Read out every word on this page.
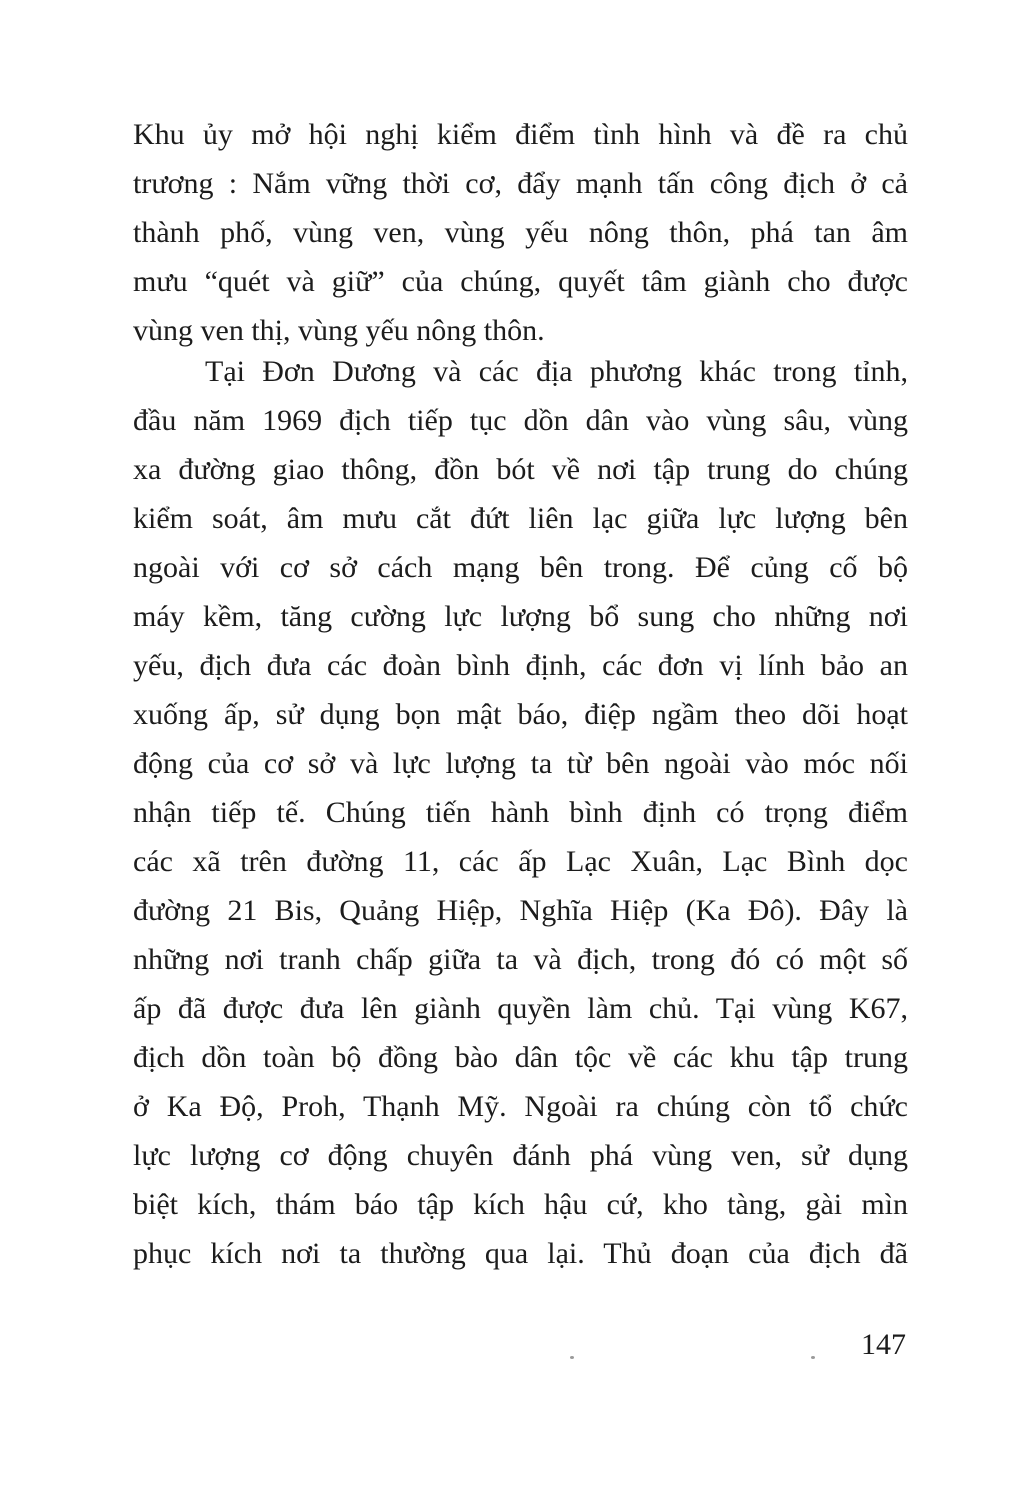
Khu ủy mở hội nghị kiểm điểm tình hình và đề ra chủ
trương : Nắm vững thời cơ, đẩy mạnh tấn công địch ở cả
thành phố, vùng ven, vùng yếu nông thôn, phá tan âm
mưu “quét và giữ” của chúng, quyết tâm giành cho được
vùng ven thị, vùng yếu nông thôn.
Tại Đơn Dương và các địa phương khác trong tỉnh,
đầu năm 1969 địch tiếp tục dồn dân vào vùng sâu, vùng
xa đường giao thông, đồn bót về nơi tập trung do chúng
kiểm soát, âm mưu cắt đứt liên lạc giữa lực lượng bên
ngoài với cơ sở cách mạng bên trong. Để củng cố bộ
máy kềm, tăng cường lực lượng bổ sung cho những nơi
yếu, địch đưa các đoàn bình định, các đơn vị lính bảo an
xuống ấp, sử dụng bọn mật báo, điệp ngầm theo dõi hoạt
động của cơ sở và lực lượng ta từ bên ngoài vào móc nối
nhận tiếp tế. Chúng tiến hành bình định có trọng điểm
các xã trên đường 11, các ấp Lạc Xuân, Lạc Bình dọc
đường 21 Bis, Quảng Hiệp, Nghĩa Hiệp (Ka Đô). Đây là
những nơi tranh chấp giữa ta và địch, trong đó có một số
ấp đã được đưa lên giành quyền làm chủ. Tại vùng K67,
địch dồn toàn bộ đồng bào dân tộc về các khu tập trung
ở Ka Độ, Proh, Thạnh Mỹ. Ngoài ra chúng còn tổ chức
lực lượng cơ động chuyên đánh phá vùng ven, sử dụng
biệt kích, thám báo tập kích hậu cứ, kho tàng, gài mìn
phục kích nơi ta thường qua lại. Thủ đoạn của địch đã
147
